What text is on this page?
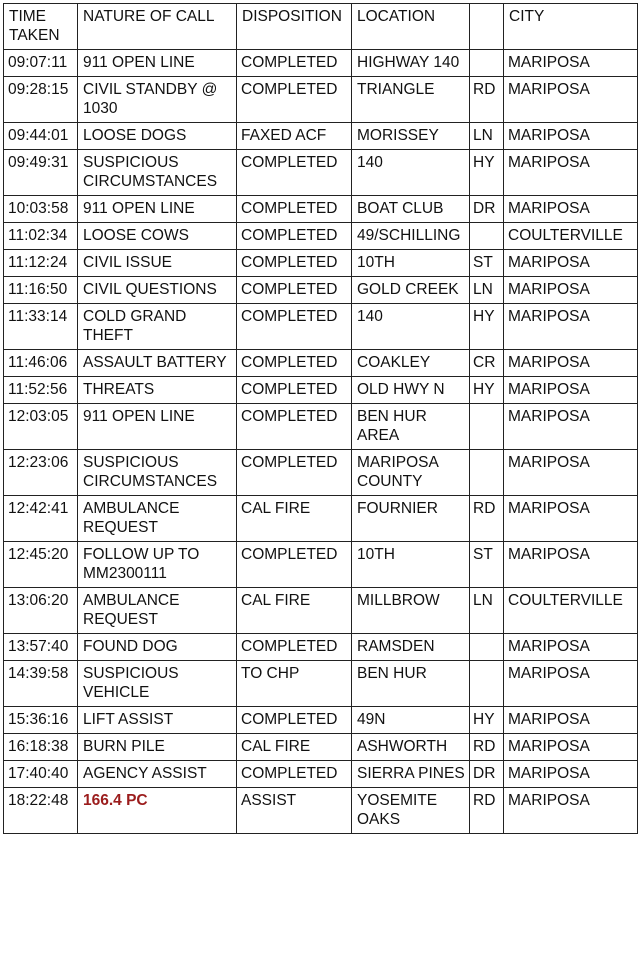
TIME TAKEN	NATURE OF CALL	DISPOSITION	LOCATION		CITY
09:07:11	911 OPEN LINE	COMPLETED	HIGHWAY 140		MARIPOSA
09:28:15	CIVIL STANDBY @ 1030	COMPLETED	TRIANGLE	RD	MARIPOSA
09:44:01	LOOSE DOGS	FAXED ACF	MORISSEY	LN	MARIPOSA
09:49:31	SUSPICIOUS CIRCUMSTANCES	COMPLETED	140	HY	MARIPOSA
10:03:58	911 OPEN LINE	COMPLETED	BOAT CLUB	DR	MARIPOSA
11:02:34	LOOSE COWS	COMPLETED	49/SCHILLING		COULTERVILLE
11:12:24	CIVIL ISSUE	COMPLETED	10TH	ST	MARIPOSA
11:16:50	CIVIL QUESTIONS	COMPLETED	GOLD CREEK	LN	MARIPOSA
11:33:14	COLD GRAND THEFT	COMPLETED	140	HY	MARIPOSA
11:46:06	ASSAULT BATTERY	COMPLETED	COAKLEY	CR	MARIPOSA
11:52:56	THREATS	COMPLETED	OLD HWY N	HY	MARIPOSA
12:03:05	911 OPEN LINE	COMPLETED	BEN HUR AREA		MARIPOSA
12:23:06	SUSPICIOUS CIRCUMSTANCES	COMPLETED	MARIPOSA COUNTY		MARIPOSA
12:42:41	AMBULANCE REQUEST	CAL FIRE	FOURNIER	RD	MARIPOSA
12:45:20	FOLLOW UP TO MM2300111	COMPLETED	10TH	ST	MARIPOSA
13:06:20	AMBULANCE REQUEST	CAL FIRE	MILLBROW	LN	COULTERVILLE
13:57:40	FOUND DOG	COMPLETED	RAMSDEN		MARIPOSA
14:39:58	SUSPICIOUS VEHICLE	TO CHP	BEN HUR		MARIPOSA
15:36:16	LIFT ASSIST	COMPLETED	49N	HY	MARIPOSA
16:18:38	BURN PILE	CAL FIRE	ASHWORTH	RD	MARIPOSA
17:40:40	AGENCY ASSIST	COMPLETED	SIERRA PINES	DR	MARIPOSA
18:22:48	166.4 PC	ASSIST	YOSEMITE OAKS	RD	MARIPOSA
